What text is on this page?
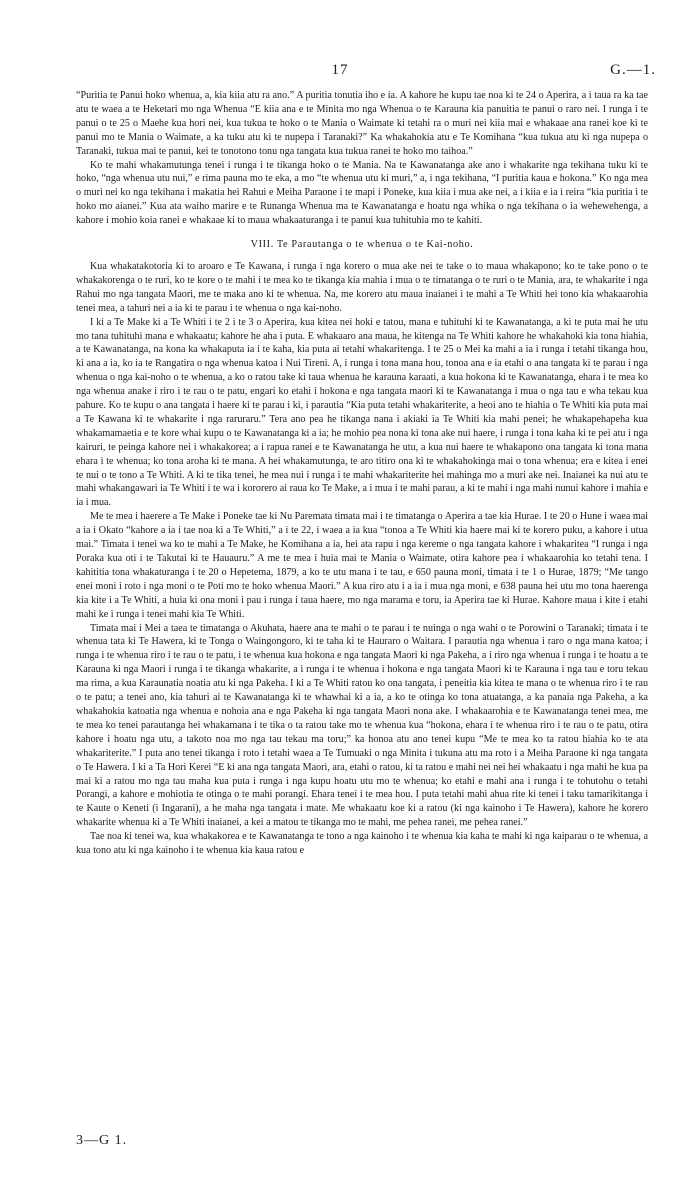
17	G.—1.

“Puritia te Panui hoko whenua, a, kia kiia atu ra ano.” A puritia tonutia iho e ia. A kahore he kupu tae noa ki te 24 o Aperira, a i taua ra ka tae atu te waea a te Heketari mo nga Whenua “E kiia ana e te Minita mo nga Whenua o te Karauna kia panuitia te panui o raro nei. I runga i te panui o te 25 o Maehe kua hori nei, kua tukua te hoko o te Mania o Waimate ki tetahi ra o muri nei kiia mai e whakaae ana ranei koe ki te panui mo te Mania o Waimate, a ka tuku atu ki te nupepa i Taranaki?” Ka whakahokia atu e Te Komihana “kua tukua atu ki nga nupepa o Taranaki, tukua mai te panui, kei te tonotono tonu nga tangata kua tukua ranei te hoko mo taihoa.”

Ko te mahi whakamutunga tenei i runga i te tikanga hoko o te Mania. Na te Kawanatanga ake ano i whakarite nga tekihana tuku ki te hoko, “nga whenua utu nui,” e rima pauna mo te eka, a mo “te whenua utu ki muri,” a, i nga tekihana, “I puritia kaua e hokona.” Ko nga mea o muri nei ko nga tekihana i makatia hei Rahui e Meiha Paraone i te mapi i Poneke, kua kiia i mua ake nei, a i kiia e ia i reira “kia puritia i te hoko mo aianei.” Kua ata waiho marire e te Runanga Whenua ma te Kawanatanga e hoatu nga whika o nga tekihana o ia wehewehenga, a kahore i mohio koia ranei e whakaae ki to maua whakaaturanga i te panui kua tuhituhia mo te kahiti.

VIII. Te Parautanga o te whenua o te Kai-noho.

Kua whakatakotoria ki to aroaro e Te Kawana, i runga i nga korero o mua ake nei te take o to maua whakapono; ko te take pono o te whakakorenga o te ruri, ko te kore o te mahi i te mea ko te tikanga kia mahia i mua o te timatanga o te ruri o te Mania, ara, te whakarite i nga Rahui mo nga tangata Maori, me te maka ano ki te whenua. Na, me korero atu maua inaianei i te mahi a Te Whiti hei tono kia whakaarohia tenei mea, a tahuri nei a ia ki te parau i te whenua o nga kai-noho.

I ki a Te Make ki a Te Whiti i te 2 i te 3 o Aperira, kua kitea nei hoki e tatou, mana e tuhituhi ki te Kawanatanga, a ki te puta mai he utu mo tana tuhituhi mana e whakaatu; kahore he aha i puta. E whakaaro ana maua, he kitenga na Te Whiti kahore he whakahoki kia tona hiahia, a te Kawanatanga, na kona ka whakaputa ia i te kaha, kia puta ai tetahi whakaritenga. I te 25 o Mei ka mahi a ia i runga i tetahi tikanga hou, ki ana a ia, ko ia te Rangatira o nga whenua katoa i Nui Tireni. A, i runga i tona mana hou, tonoa ana e ia etahi o ana tangata ki te parau i nga whenua o nga kai-noho o te whenua, a ko o ratou take ki taua whenua he karauna karaati, a kua hokona ki te Kawanatanga, ehara i te mea ko nga whenua anake i riro i te rau o te patu, engari ko etahi i hokona e nga tangata maori ki te Kawanatanga i mua o nga tau e wha tekau kua pahure. Ko te kupu o ana tangata i haere ki te parau i ki, i parautia “Kia puta tetahi whakariterite, a heoi ano te hiahia o Te Whiti kia puta mai a Te Kawana ki te whakarite i nga raruraru.” Tera ano pea he tikanga nana i akiaki ia Te Whiti kia mahi penei; he whakapehapeha kua whakamamaetia e te kore whai kupu o te Kawanatanga ki a ia; he mohio pea nona ki tona ake nui haere, i runga i tona kaha ki te pei atu i nga kairuri, te peinga kahore nei i whakakorea; a i rapua ranei e te Kawanatanga he utu, a kua nui haere te whakapono ona tangata ki tona mana ehara i te whenua; ko tona aroha ki te mana. A hei whakamutunga, te aro titiro ona ki te whakahokinga mai o tona whenua; era e kitea i enei te nui o te tono a Te Whiti. A ki te tika tenei, he mea nui i runga i te mahi whakariterite hei mahinga mo a muri ake nei. Inaianei ka nui atu te mahi whakangawari ia Te Whiti i te wa i kororero ai raua ko Te Make, a i mua i te mahi parau, a ki te mahi i nga mahi nunui kahore i mahia e ia i mua.

Me te mea i haerere a Te Make i Poneke tae ki Nu Paremata timata mai i te timatanga o Aperira a tae kia Hurae. I te 20 o Hune i waea mai a ia i Okato “kahore a ia i tae noa ki a Te Whiti,” a i te 22, i waea a ia kua “tonoa a Te Whiti kia haere mai ki te korero puku, a kahore i utua mai.” Timata i tenei wa ko te mahi a Te Make, he Komihana a ia, hei ata rapu i nga kereme o nga tangata kahore i whakaritea “I runga i nga Poraka kua oti i te Takutai ki te Hauauru.” A me te mea i huia mai te Mania o Waimate, otira kahore pea i whakaarohia ko tetahi tena. I kahititia tona whakaturanga i te 20 o Hepetema, 1879, a ko te utu mana i te tau, e 650 pauna moni, timata i te 1 o Hurae, 1879; “Me tango enei moni i roto i nga moni o te Poti mo te hoko whenua Maori.” A kua riro atu i a ia i mua nga moni, e 638 pauna hei utu mo tona haerenga kia kite i a Te Whiti, a huia ki ona moni i pau i runga i taua haere, mo nga marama e toru, ia Aperira tae ki Hurae. Kahore maua i kite i etahi mahi ke i runga i tenei mahi kia Te Whiti.

Timata mai i Mei a taea te timatanga o Akuhata, haere ana te mahi o te parau i te nuinga o nga wahi o te Porowini o Taranaki; timata i te whenua tata ki Te Hawera, ki te Tonga o Waingongoro, ki te taha ki te Hauraro o Waitara. I parautia nga whenua i raro o nga mana katoa; i runga i te whenua riro i te rau o te patu, i te whenua kua hokona e nga tangata Maori ki nga Pakeha, a i riro nga whenua i runga i te hoatu a te Karauna ki nga Maori i runga i te tikanga whakarite, a i runga i te whenua i hokona e nga tangata Maori ki te Karauna i nga tau e toru tekau ma rima, a kua Karaunatia noatia atu ki nga Pakeha. I ki a Te Whiti ratou ko ona tangata, i peneitia kia kitea te mana o te whenua riro i te rau o te patu; a tenei ano, kia tahuri ai te Kawanatanga ki te whawhai ki a ia, a ko te otinga ko tona atuatanga, a ka panaia nga Pakeha, a ka whakahokia katoatia nga whenua e nohoia ana e nga Pakeha ki nga tangata Maori nona ake. I whakaarohia e te Kawanatanga tenei mea, me te mea ko tenei parautanga hei whakamana i te tika o ta ratou take mo te whenua kua “hokona, ehara i te whenua riro i te rau o te patu, otira kahore i hoatu nga utu, a takoto noa mo nga tau tekau ma toru;” ka honoa atu ano tenei kupu “Me te mea ko ta ratou hiahia ko te ata whakariterite.” I puta ano tenei tikanga i roto i tetahi waea a Te Tumuaki o nga Minita i tukuna atu ma roto i a Meiha Paraone ki nga tangata o Te Hawera. I ki a Ta Hori Kerei “E ki ana nga tangata Maori, ara, etahi o ratou, ki ta ratou e mahi nei nei hei whakaatu i nga mahi he kua pa mai ki a ratou mo nga tau maha kua puta i runga i nga kupu hoatu utu mo te whenua; ko etahi e mahi ana i runga i te tohutohu o tetahi Porangi, a kahore e mohiotia te otinga o te mahi porangi. Ehara tenei i te mea hou. I puta tetahi mahi ahua rite ki tenei i taku tamarikitanga i te Kaute o Keneti (i Ingarani), a he maha nga tangata i mate. Me whakaatu koe ki a ratou (ki nga kainoho i Te Hawera), kahore he korero whakarite whenua ki a Te Whiti inaianei, a kei a matou te tikanga mo te mahi, me pehea ranei, me pehea ranei.”

Tae noa ki tenei wa, kua whakakorea e te Kawanatanga te tono a nga kainoho i te whenua kia kaha te mahi ki nga kaiparau o te whenua, a kua tono atu ki nga kainoho i te whenua kia kaua ratou e

3—G 1.
